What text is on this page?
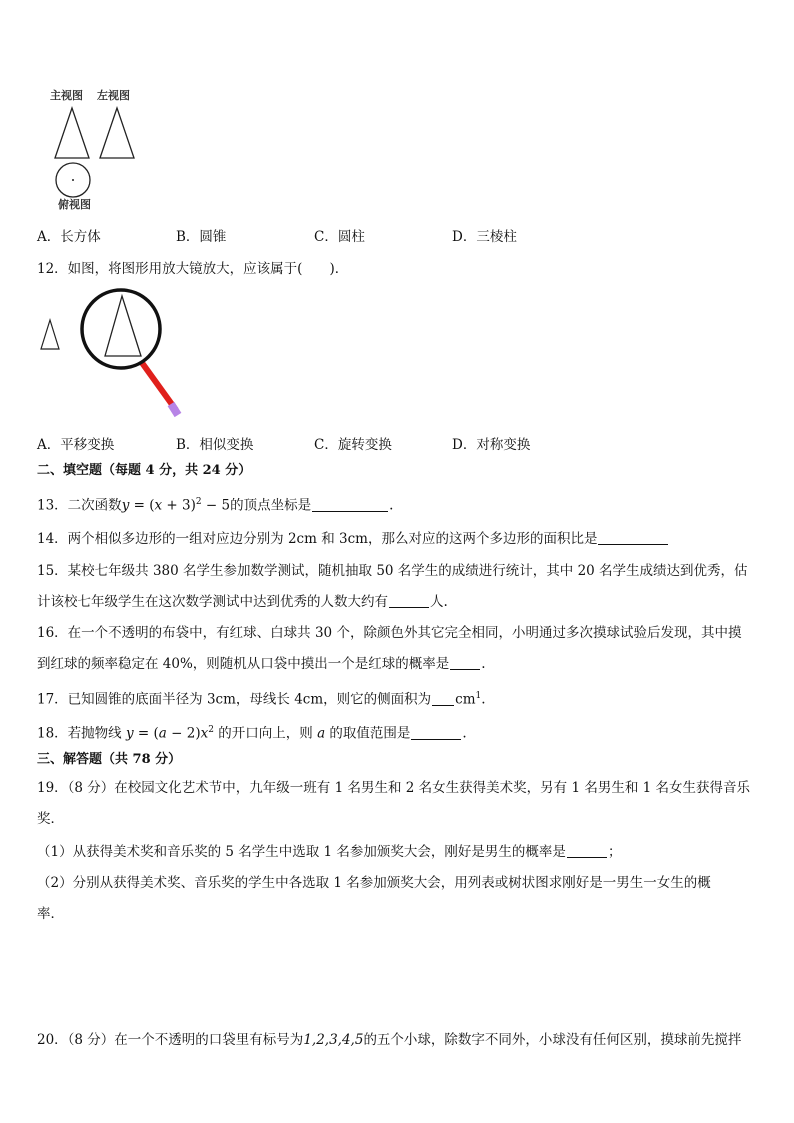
主视图 左视图
俯视图
A．长方体	B．圆锥	C．圆柱	D．三棱柱
12．如图，将图形用放大镜放大，应该属于(　　)．
A．平移变换	B．相似变换	C．旋转变换	D．对称变换
二、填空题（每题 4 分，共 24 分）
13．二次函数$y = (x + 3)^2 - 5$的顶点坐标是	.
14．两个相似多边形的一组对应边分别为 2cm 和 3cm，那么对应的这两个多边形的面积比是
15．某校七年级共 380 名学生参加数学测试，随机抽取 50 名学生的成绩进行统计，其中 20 名学生成绩达到优秀，估
计该校七年级学生在这次数学测试中达到优秀的人数大约有	人.
16．在一个不透明的布袋中，有红球、白球共 30 个，除颜色外其它完全相同，小明通过多次摸球试验后发现，其中摸
到红球的频率稳定在 40%，则随机从口袋中摸出一个是红球的概率是 .
17．已知圆锥的底面半径为 3cm，母线长 4cm，则它的侧面积为 $cm^1$.
18．若抛物线 $y = (a - 2)x^2$ 的开口向上，则 a 的取值范围是	.
三、解答题（共 78 分）
19．（8 分）在校园文化艺术节中，九年级一班有 1 名男生和 2 名女生获得美术奖，另有 1 名男生和 1 名女生获得音乐
奖．
（1）从获得美术奖和音乐奖的 5 名学生中选取 1 名参加颁奖大会，刚好是男生的概率是	；
（2）分别从获得美术奖、音乐奖的学生中各选取 1 名参加颁奖大会，用列表或树状图求刚好是一男生一女生的概
率．
20．（8 分）在一个不透明的口袋里有标号为1,2,3,4,5的五个小球，除数字不同外，小球没有任何区别，摸球前先搅拌
